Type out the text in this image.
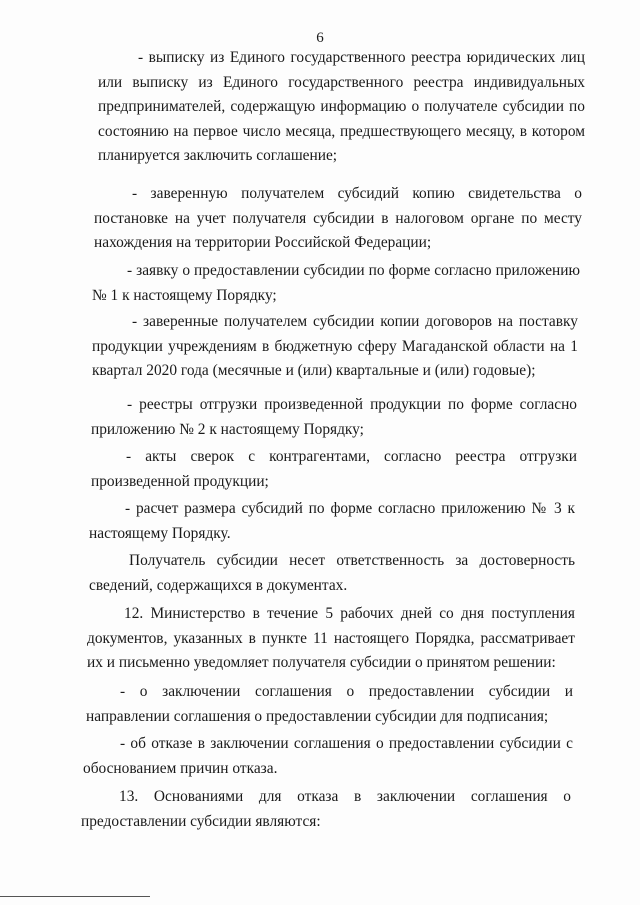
6

- выписку из Единого государственного реестра юридических лиц или выписку из Единого государственного реестра индивидуальных предпринимателей, содержащую информацию о получателе субсидии по состоянию на первое число месяца, предшествующего месяцу, в котором планируется заключить соглашение;

- заверенную получателем субсидий копию свидетельства о постановке на учет получателя субсидии в налоговом органе по месту нахождения на территории Российской Федерации;

- заявку о предоставлении субсидии по форме согласно приложению № 1 к настоящему Порядку;

- заверенные получателем субсидии копии договоров на поставку продукции учреждениям в бюджетную сферу Магаданской области на 1 квартал 2020 года (месячные и (или) квартальные и (или) годовые);

- реестры отгрузки произведенной продукции по форме согласно приложению № 2 к настоящему Порядку;

- акты сверок с контрагентами, согласно реестра отгрузки произведенной продукции;

- расчет размера субсидий по форме согласно приложению № 3 к настоящему Порядку.

Получатель субсидии несет ответственность за достоверность сведений, содержащихся в документах.

12. Министерство в течение 5 рабочих дней со дня поступления документов, указанных в пункте 11 настоящего Порядка, рассматривает их и письменно уведомляет получателя субсидии о принятом решении:

- о заключении соглашения о предоставлении субсидии и направлении соглашения о предоставлении субсидии для подписания;

- об отказе в заключении соглашения о предоставлении субсидии с обоснованием причин отказа.

13. Основаниями для отказа в заключении соглашения о предоставлении субсидии являются:
